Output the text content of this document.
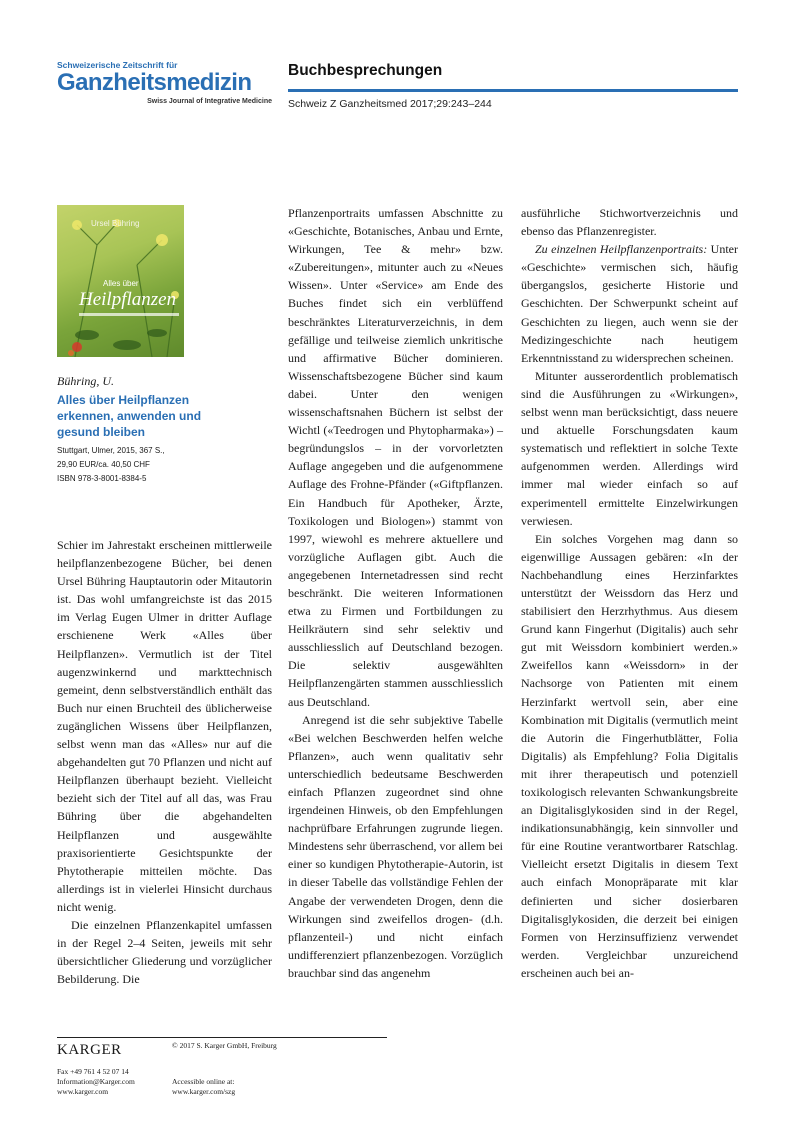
Schweizerische Zeitschrift für
Ganzheitsmedizin
Swiss Journal of Integrative Medicine
Buchbesprechungen
Schweiz Z Ganzheitsmed 2017;29:243–244
Ursel Bühring
Alles über
Heilpflanzen
Bühring, U.
Alles über Heilpflanzen erkennen, anwenden und gesund bleiben
Stuttgart, Ulmer, 2015, 367 S.,
29,90 EUR/ca. 40,50 CHF
ISBN 978-3-8001-8384-5

Schier im Jahrestakt erscheinen mittlerweile heilpflanzenbezogene Bücher, bei denen Ursel Bühring Hauptautorin oder Mitautorin ist. Das wohl umfangreichste ist das 2015 im Verlag Eugen Ulmer in dritter Auflage erschienene Werk «Alles über Heilpflanzen». Vermutlich ist der Titel augenzwinkernd und markttechnisch gemeint, denn selbstverständlich enthält das Buch nur einen Bruchteil des üblicherweise zugänglichen Wissens über Heilpflanzen, selbst wenn man das «Alles» nur auf die abgehandelten gut 70 Pflanzen und nicht auf Heilpflanzen überhaupt bezieht. Vielleicht bezieht sich der Titel auf all das, was Frau Bühring über die abgehandelten Heilpflanzen und ausgewählte praxisorientierte Gesichtspunkte der Phytotherapie mitteilen möchte. Das allerdings ist in vielerlei Hinsicht durchaus nicht wenig.

Die einzelnen Pflanzenkapitel umfassen in der Regel 2–4 Seiten, jeweils mit sehr übersichtlicher Gliederung und vorzüglicher Bebilderung. Die

Pflanzenportraits umfassen Abschnitte zu «Geschichte, Botanisches, Anbau und Ernte, Wirkungen, Tee & mehr» bzw. «Zubereitungen», mitunter auch zu «Neues Wissen». Unter «Service» am Ende des Buches findet sich ein verblüffend beschränktes Literaturverzeichnis, in dem gefällige und teilweise ziemlich unkritische und affirmative Bücher dominieren. Wissenschaftsbezogene Bücher sind kaum dabei. Unter den wenigen wissenschaftsnahen Büchern ist selbst der Wichtl («Teedrogen und Phytopharmaka») – begründungslos – in der vorvorletzten Auflage angegeben und die aufgenommene Auflage des Frohne-Pfänder («Giftpflanzen. Ein Handbuch für Apotheker, Ärzte, Toxikologen und Biologen») stammt von 1997, wiewohl es mehrere aktuellere und vorzügliche Auflagen gibt. Auch die angegebenen Internetadressen sind recht beschränkt. Die weiteren Informationen etwa zu Firmen und Fortbildungen zu Heilkräutern sind sehr selektiv und ausschliesslich auf Deutschland bezogen. Die selektiv ausgewählten Heilpflanzengärten stammen ausschliesslich aus Deutschland.

Anregend ist die sehr subjektive Tabelle «Bei welchen Beschwerden helfen welche Pflanzen», auch wenn qualitativ sehr unterschiedlich bedeutsame Beschwerden einfach Pflanzen zugeordnet sind ohne irgendeinen Hinweis, ob den Empfehlungen nachprüfbare Erfahrungen zugrunde liegen. Mindestens sehr überraschend, vor allem bei einer so kundigen Phytotherapie-Autorin, ist in dieser Tabelle das vollständige Fehlen der Angabe der verwendeten Drogen, denn die Wirkungen sind zweifellos drogen- (d.h. pflanzenteil-) und nicht einfach undifferenziert pflanzenbezogen. Vorzüglich brauchbar sind das angenehm

ausführliche Stichwortverzeichnis und ebenso das Pflanzenregister.

Zu einzelnen Heilpflanzenportraits: Unter «Geschichte» vermischen sich, häufig übergangslos, gesicherte Historie und Geschichten. Der Schwerpunkt scheint auf Geschichten zu liegen, auch wenn sie der Medizingeschichte nach heutigem Erkenntnisstand zu widersprechen scheinen.

Mitunter ausserordentlich problematisch sind die Ausführungen zu «Wirkungen», selbst wenn man berücksichtigt, dass neuere und aktuelle Forschungsdaten kaum systematisch und reflektiert in solche Texte aufgenommen werden. Allerdings wird immer mal wieder einfach so auf experimentell ermittelte Einzelwirkungen verwiesen.

Ein solches Vorgehen mag dann so eigenwillige Aussagen gebären: «In der Nachbehandlung eines Herzinfarktes unterstützt der Weissdorn das Herz und stabilisiert den Herzrhythmus. Aus diesem Grund kann Fingerhut (Digitalis) auch sehr gut mit Weissdorn kombiniert werden.» Zweifellos kann «Weissdorn» in der Nachsorge von Patienten mit einem Herzinfarkt wertvoll sein, aber eine Kombination mit Digitalis (vermutlich meint die Autorin die Fingerhutblätter, Folia Digitalis) als Empfehlung? Folia Digitalis mit ihrer therapeutisch und potenziell toxikologisch relevanten Schwankungsbreite an Digitalisglykosiden sind in der Regel, indikationsunabhängig, kein sinnvoller und für eine Routine verantwortbarer Ratschlag. Vielleicht ersetzt Digitalis in diesem Text auch einfach Monopräparate mit klar definierten und sicher dosierbaren Digitalisglykosiden, die derzeit bei einigen Formen von Herzinsuffizienz verwendet werden. Vergleichbar unzureichend erscheinen auch bei an-

KARGER	© 2017 S. Karger GmbH, Freiburg
Fax +49 761 4 52 07 14
Information@Karger.com
www.karger.com
Accessible online at:
www.karger.com/szg
